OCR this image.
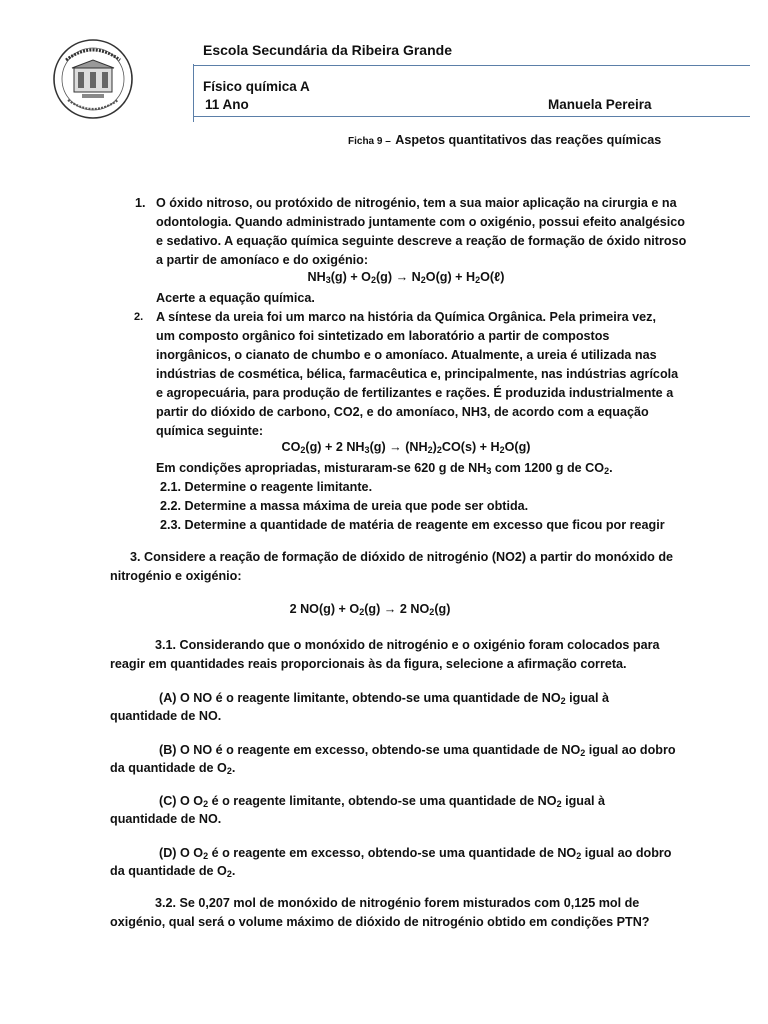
Escola Secundária da Ribeira Grande
Físico química A
11 Ano	Manuela Pereira
Ficha 9 – Aspetos quantitativos das reações químicas
1. O óxido nitroso, ou protóxido de nitrogénio, tem a sua maior aplicação na cirurgia e na
odontologia. Quando administrado juntamente com o oxigénio, possui efeito analgésico
e sedativo. A equação química seguinte descreve a reação de formação de óxido nitroso
a partir de amoníaco e do oxigénio:
$NH_3(g) + O_2(g) \to N_2O(g)$ + $H_2O(\ell)$
Acerte a equação química.
2. A síntese da ureia foi um marco na história da Química Orgânica. Pela primeira vez,
um composto orgânico foi sintetizado em laboratório a partir de compostos
inorgânicos, o cianato de chumbo e o amoníaco. Atualmente, a ureia é utilizada nas
indústrias de cosmética, bélica, farmacêutica e, principalmente, nas indústrias agrícola
e agropecuária, para produção de fertilizantes e rações. É produzida industrialmente a
partir do dióxido de carbono, CO2, e do amoníaco, NH3, de acordo com a equação
química seguinte:
$CO_2(g) + 2$ $NH_3(g) \to (NH_2)_2CO(s) + H_2O(g)$
Em condições apropriadas, misturaram-se 620 g de $NH_3$ com 1200 g de $CO_2$.
2.1. Determine o reagente limitante.
2.2. Determine a massa máxima de ureia que pode ser obtida.
2.3. Determine a quantidade de matéria de reagente em excesso que ficou por reagir
3. Considere a reação de formação de dióxido de nitrogénio (NO2) a partir do monóxido de
nitrogénio e oxigénio:
2 $NO(g) + O_2(g) \to 2$ $NO_2(g)$
3.1. Considerando que o monóxido de nitrogénio e o oxigénio foram colocados para
reagir em quantidades reais proporcionais às da figura, selecione a afirmação correta.
(A) O NO é o reagente limitante, obtendo-se uma quantidade de $NO_2$ igual à
quantidade de NO.
(B) O NO é o reagente em excesso, obtendo-se uma quantidade de $NO_2$ igual ao dobro
da quantidade de $O_2$.
(C) O $O_2$ é o reagente limitante, obtendo-se uma quantidade de $NO_2$ igual à
quantidade de NO.
(D) O $O_2$ é o reagente em excesso, obtendo-se uma quantidade de $NO_2$ igual ao dobro
da quantidade de $O_2$.
3.2. Se 0,207 mol de monóxido de nitrogénio forem misturados com 0,125 mol de
oxigénio, qual será o volume máximo de dióxido de nitrogénio obtido em condições PTN?
